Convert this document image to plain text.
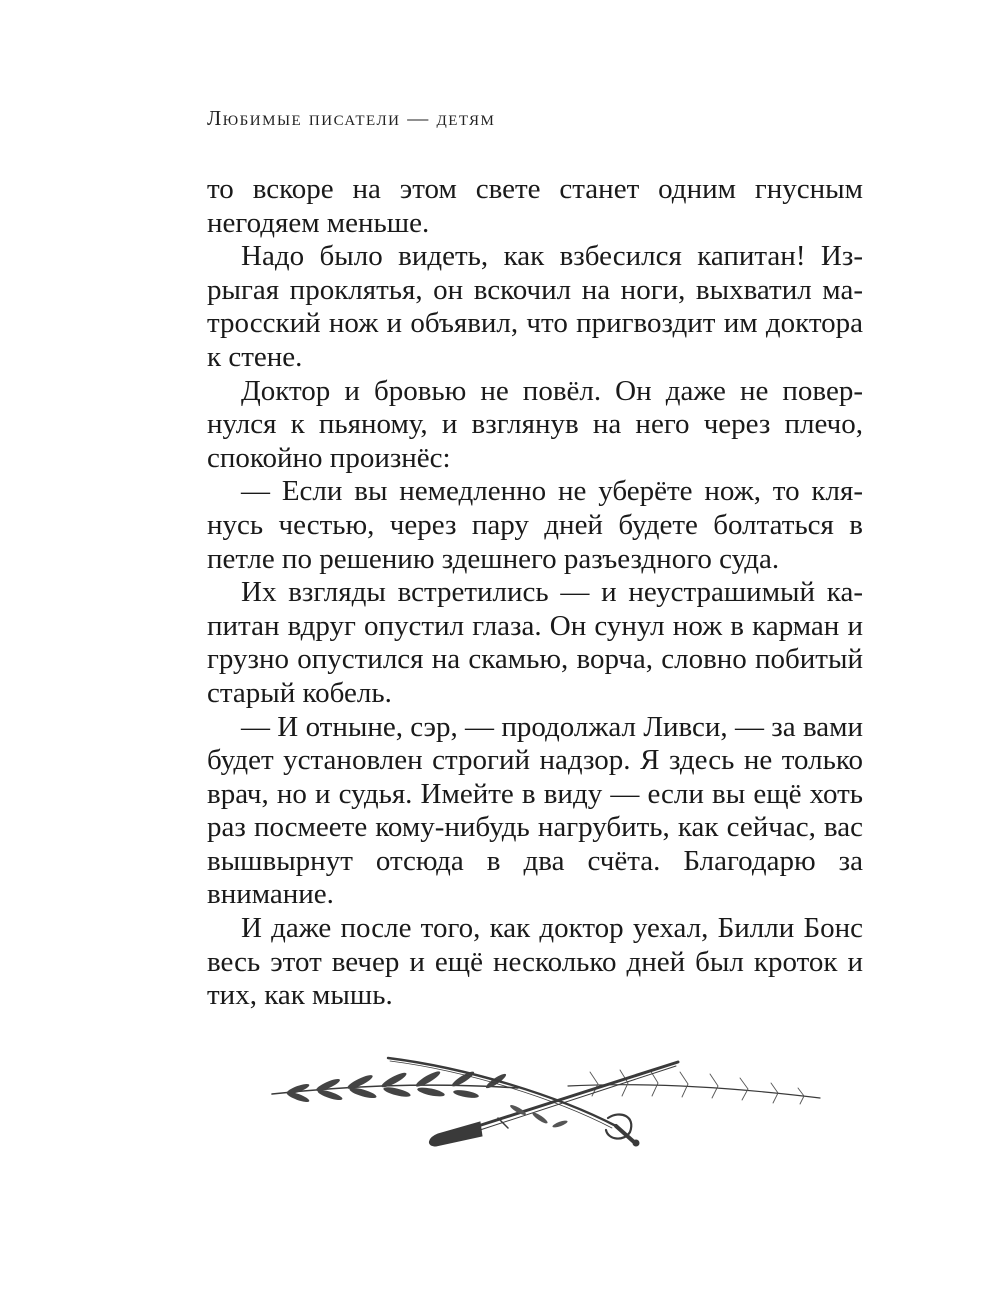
Любимые писатели — детям

то вскоре на этом свете станет одним гнусным негодяем меньше.

Надо было видеть, как взбесился капитан! Изрыгая проклятья, он вскочил на ноги, выхватил матросский нож и объявил, что пригвоздит им доктора к стене.

Доктор и бровью не повёл. Он даже не повернулся к пьяному, и взглянув на него через плечо, спокойно произнёс:

— Если вы немедленно не уберёте нож, то клянусь честью, через пару дней будете болтаться в петле по решению здешнего разъездного суда.

Их взгляды встретились — и неустрашимый капитан вдруг опустил глаза. Он сунул нож в карман и грузно опустился на скамью, ворча, словно побитый старый кобель.

— И отныне, сэр, — продолжал Ливси, — за вами будет установлен строгий надзор. Я здесь не только врач, но и судья. Имейте в виду — если вы ещё хоть раз посмеете кому-нибудь нагрубить, как сейчас, вас вышвырнут отсюда в два счёта. Благодарю за внимание.

И даже после того, как доктор уехал, Билли Бонс весь этот вечер и ещё несколько дней был кроток и тих, как мышь.
